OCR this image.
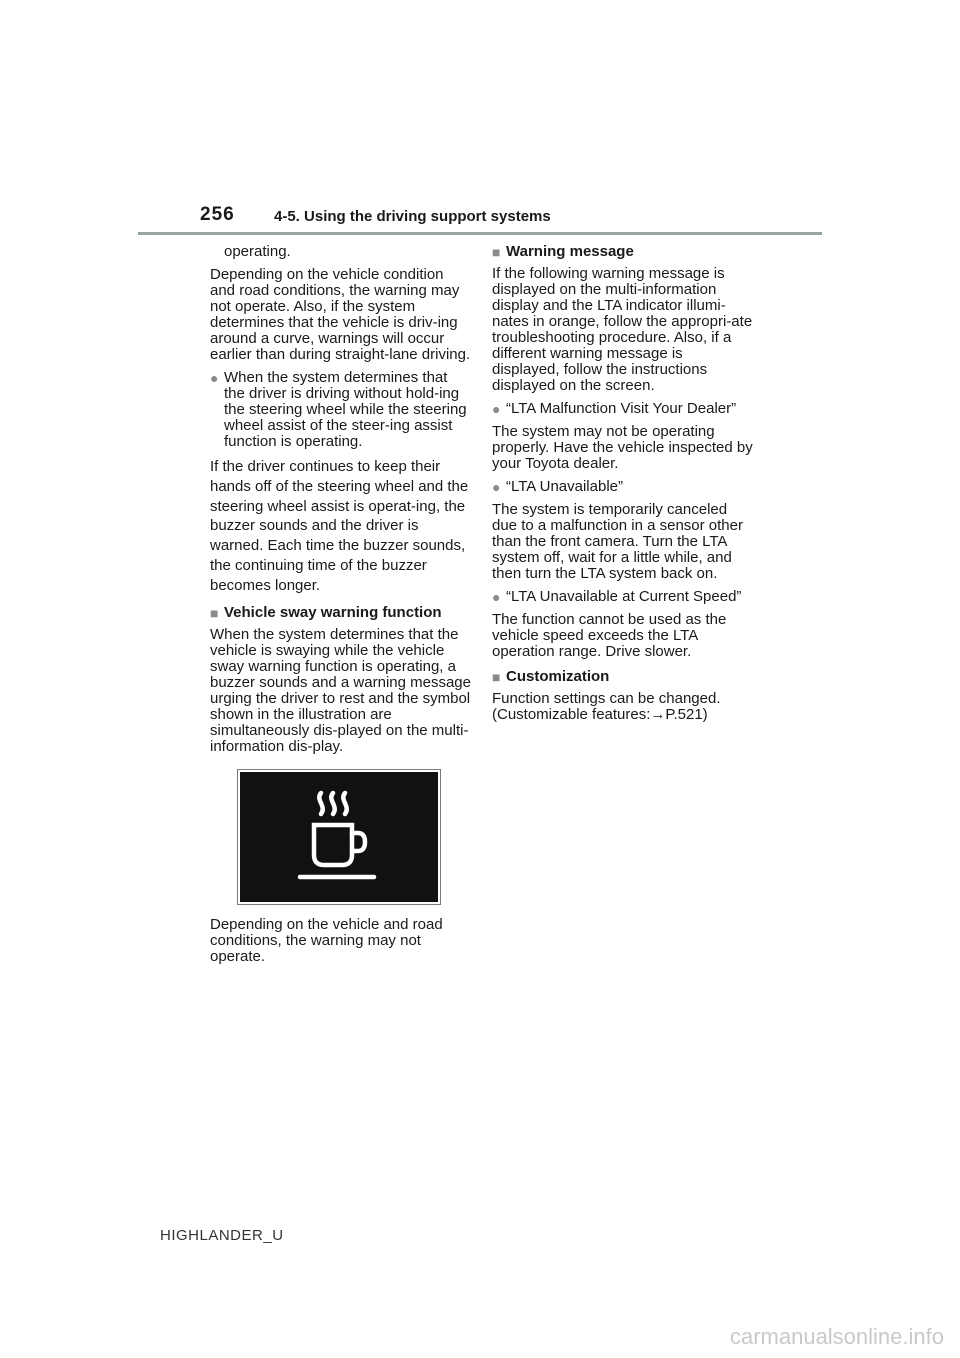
256	4-5. Using the driving support systems

operating.

Depending on the vehicle condition and road conditions, the warning may not operate. Also, if the system determines that the vehicle is driv-ing around a curve, warnings will occur earlier than during straight-lane driving.

● When the system determines that the driver is driving without hold-ing the steering wheel while the steering wheel assist of the steer-ing assist function is operating.

If the driver continues to keep their hands off of the steering wheel and the steering wheel assist is operat-ing, the buzzer sounds and the driver is warned. Each time the buzzer sounds, the continuing time of the buzzer becomes longer.

■ Vehicle sway warning function

When the system determines that the vehicle is swaying while the vehicle sway warning function is operating, a buzzer sounds and a warning message urging the driver to rest and the symbol shown in the illustration are simultaneously dis-played on the multi-information dis-play.

Depending on the vehicle and road conditions, the warning may not operate.

■ Warning message

If the following warning message is displayed on the multi-information display and the LTA indicator illumi-nates in orange, follow the appropri-ate troubleshooting procedure. Also, if a different warning message is displayed, follow the instructions displayed on the screen.

● “LTA Malfunction Visit Your Dealer”

The system may not be operating properly. Have the vehicle inspected by your Toyota dealer.

● “LTA Unavailable”

The system is temporarily canceled due to a malfunction in a sensor other than the front camera. Turn the LTA system off, wait for a little while, and then turn the LTA system back on.

● “LTA Unavailable at Current Speed”

The function cannot be used as the vehicle speed exceeds the LTA operation range. Drive slower.

■ Customization

Function settings can be changed. (Customizable features:→P.521)

HIGHLANDER_U
carmanualsonline.info
